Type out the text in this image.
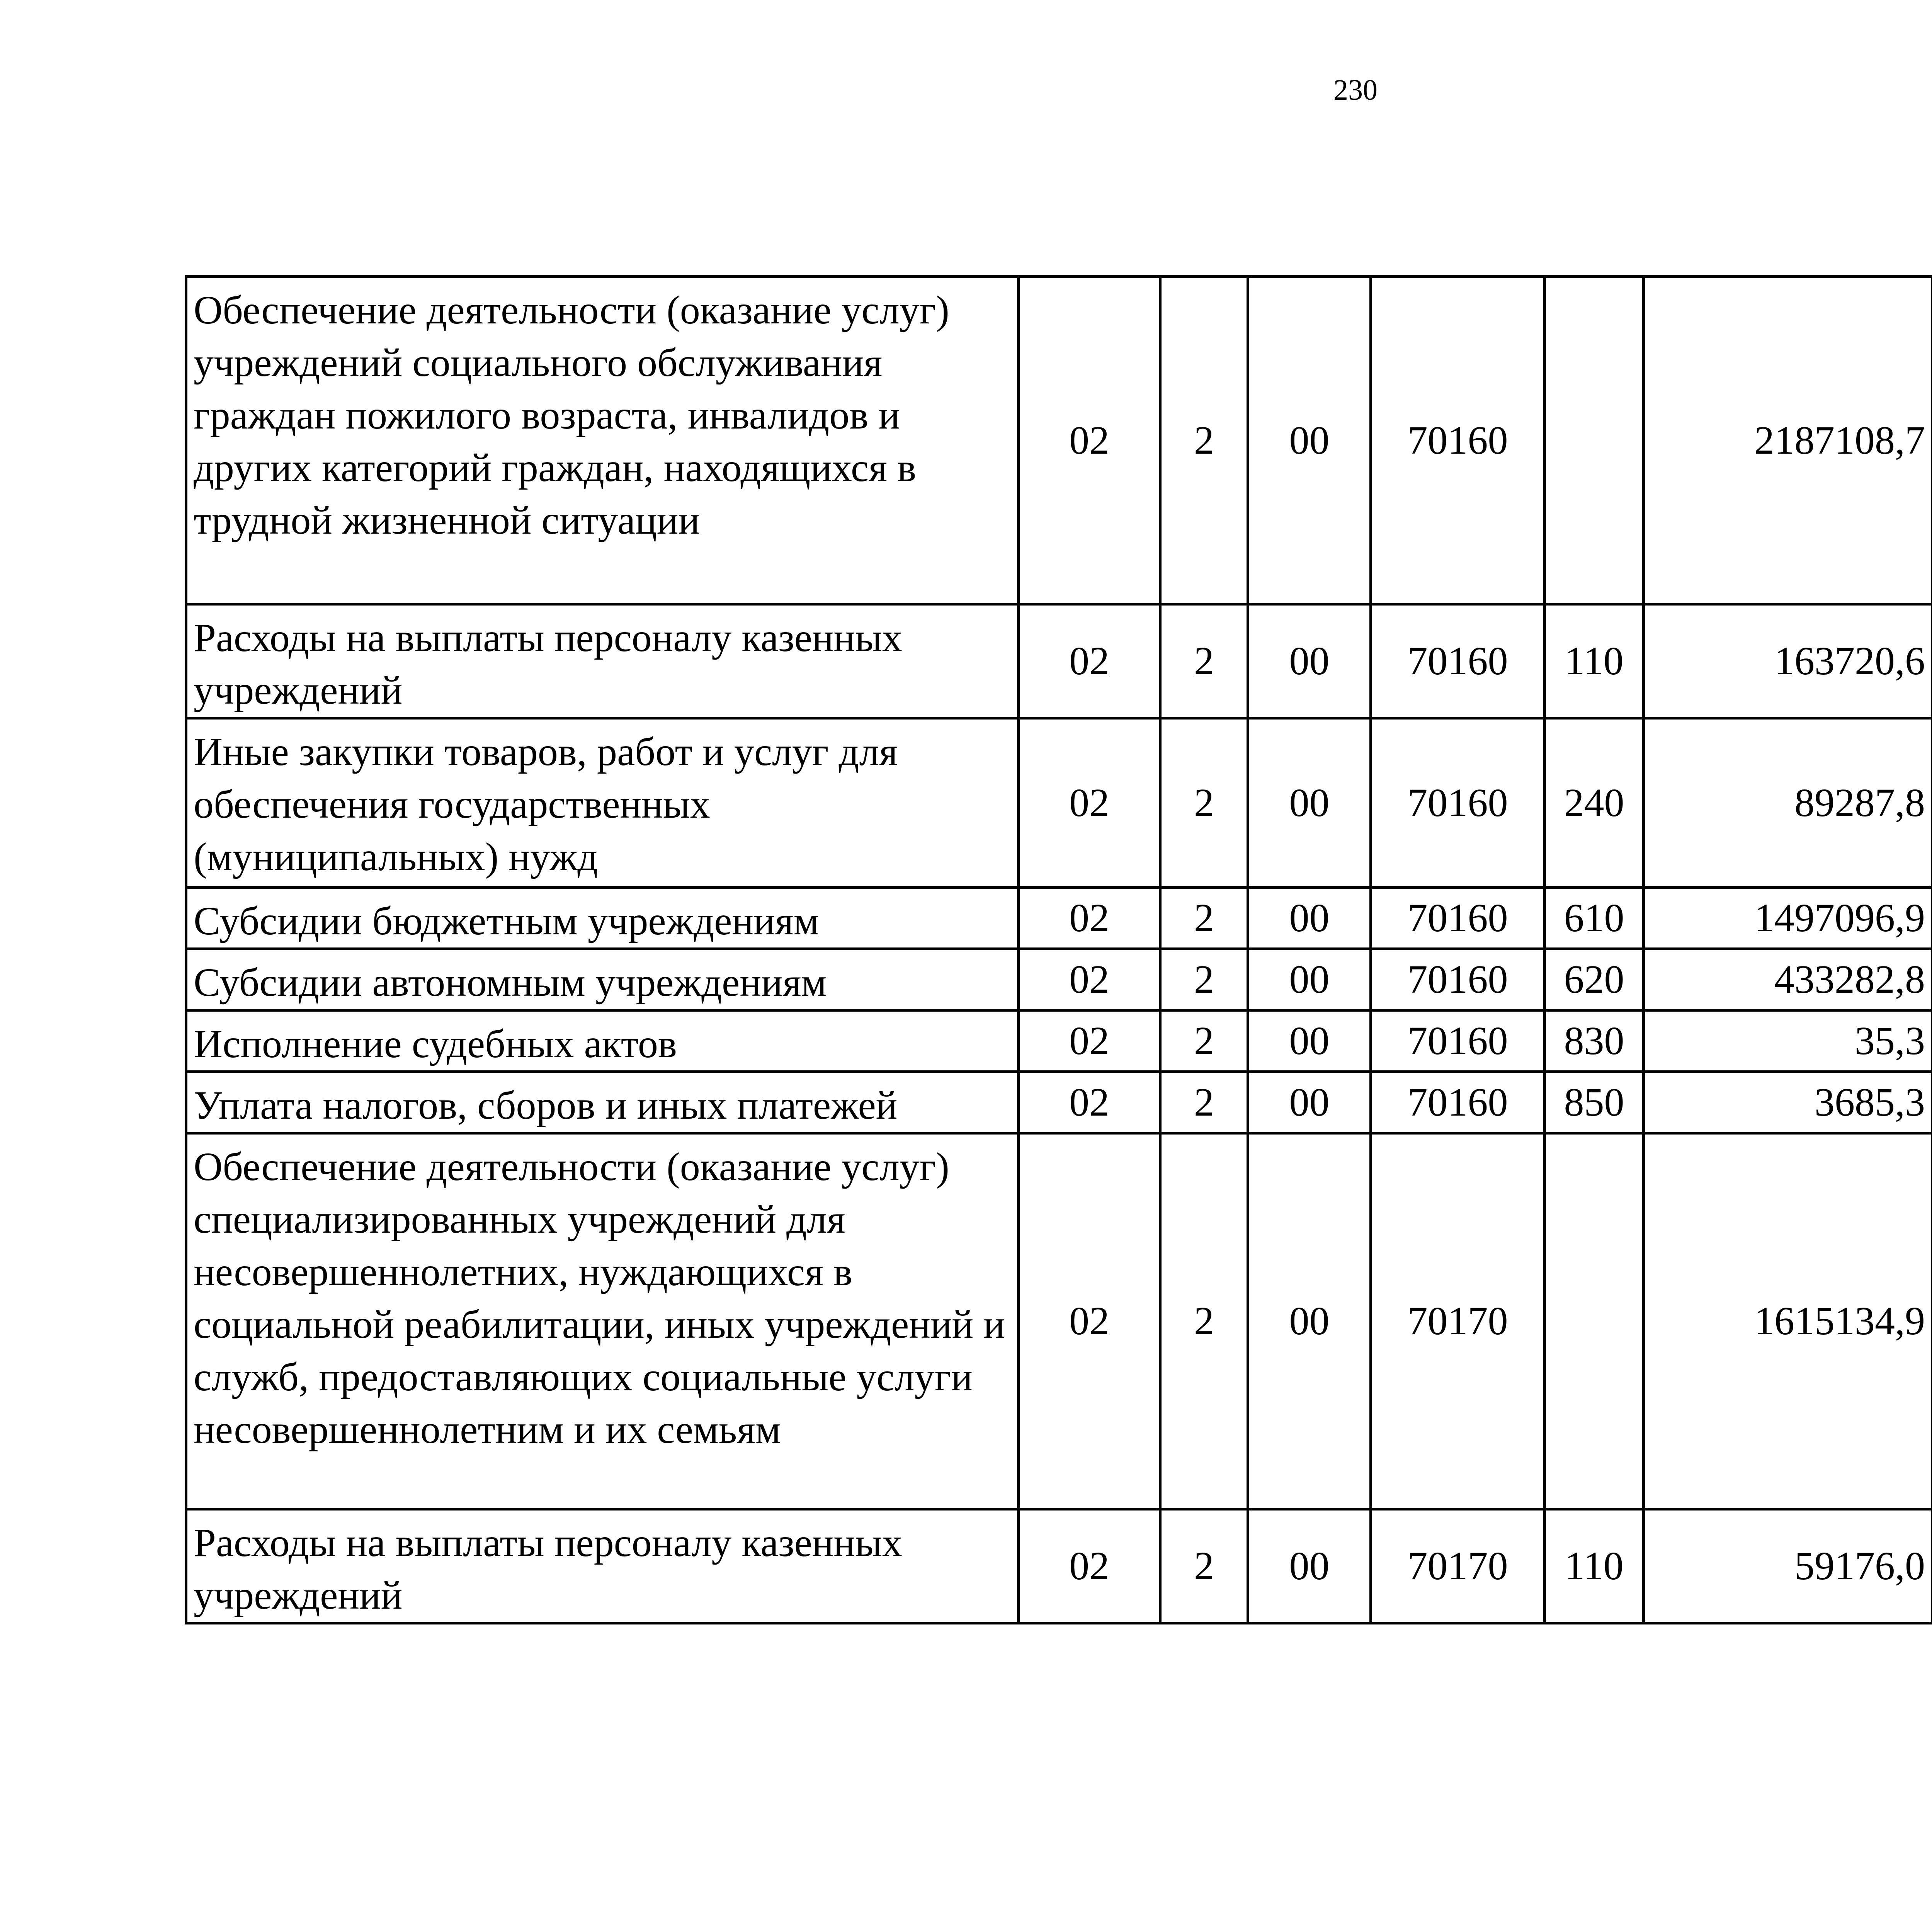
230
Обеспечение деятельности (оказание услуг) учреждений социального обслуживания граждан пожилого возраста, инвалидов и других категорий граждан, находящихся в трудной жизненной ситуации	02	2	00	70160		2187108,7		
Расходы на выплаты персоналу казенных учреждений	02	2	00	70160	110	163720,6		
Иные закупки товаров, работ и услуг для обеспечения государственных (муниципальных) нужд	02	2	00	70160	240	89287,8		
Субсидии бюджетным учреждениям	02	2	00	70160	610	1497096,9		
Субсидии автономным учреждениям	02	2	00	70160	620	433282,8		
Исполнение судебных актов	02	2	00	70160	830	35,3		
Уплата налогов, сборов и иных платежей	02	2	00	70160	850	3685,3		
Обеспечение деятельности (оказание услуг) специализированных учреждений для несовершеннолетних, нуждающихся в социальной реабилитации, иных учреждений и служб, предоставляющих социальные услуги несовершеннолетним и их семьям	02	2	00	70170		1615134,9		
Расходы на выплаты персоналу казенных учреждений	02	2	00	70170	110	59176,0		
